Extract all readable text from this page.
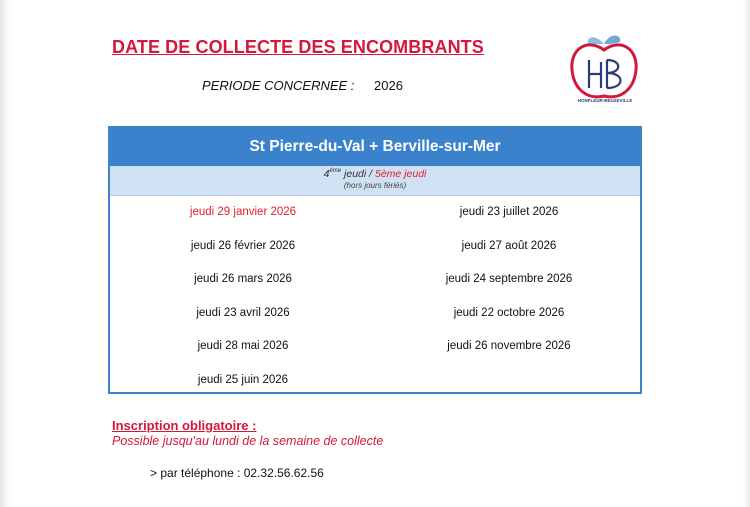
DATE DE COLLECTE DES ENCOMBRANTS
PERIODE CONCERNEE : 2026
HONFLEUR-BEUZEVILLE
St Pierre-du-Val + Berville-sur-Mer
4ème jeudi / 5ème jeudi
(hors jours fériés)
jeudi 29 janvier 2026
jeudi 26 février 2026
jeudi 26 mars 2026
jeudi 23 avril 2026
jeudi 28 mai 2026
jeudi 25 juin 2026
jeudi 23 juillet 2026
jeudi 27 août 2026
jeudi 24 septembre 2026
jeudi 22 octobre 2026
jeudi 26 novembre 2026
Inscription obligatoire :
Possible jusqu'au lundi de la semaine de collecte
> par téléphone : 02.32.56.62.56
